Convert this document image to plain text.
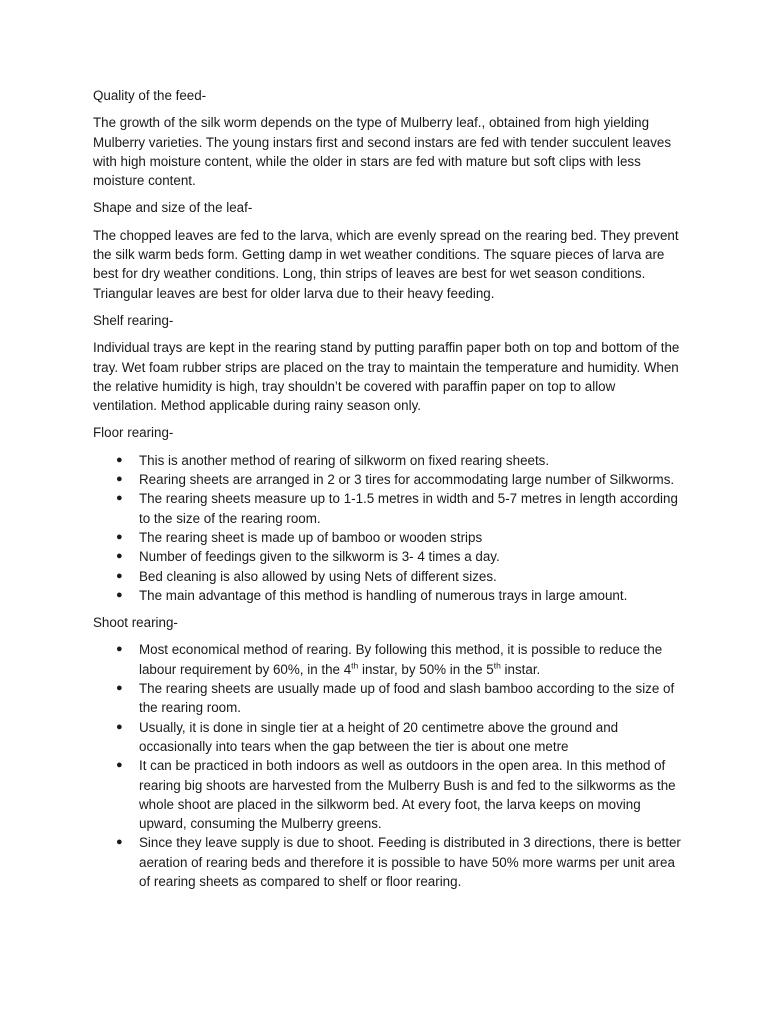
Quality of the feed-

The growth of the silk worm depends on the type of Mulberry leaf., obtained from high yielding Mulberry varieties. The young instars first and second instars are fed with tender succulent leaves with high moisture content, while the older in stars are fed with mature but soft clips with less moisture content.

Shape and size of the leaf-

The chopped leaves are fed to the larva, which are evenly spread on the rearing bed. They prevent the silk warm beds form. Getting damp in wet weather conditions. The square pieces of larva are best for dry weather conditions. Long, thin strips of leaves are best for wet season conditions. Triangular leaves are best for older larva due to their heavy feeding.

Shelf rearing-

Individual trays are kept in the rearing stand by putting paraffin paper both on top and bottom of the tray. Wet foam rubber strips are placed on the tray to maintain the temperature and humidity. When the relative humidity is high, tray shouldn’t be covered with paraffin paper on top to allow ventilation. Method applicable during rainy season only.

Floor rearing-

● This is another method of rearing of silkworm on fixed rearing sheets.
● Rearing sheets are arranged in 2 or 3 tires for accommodating large number of Silkworms.
● The rearing sheets measure up to 1-1.5 metres in width and 5-7 metres in length according to the size of the rearing room.
● The rearing sheet is made up of bamboo or wooden strips
● Number of feedings given to the silkworm is 3- 4 times a day.
● Bed cleaning is also allowed by using Nets of different sizes.
● The main advantage of this method is handling of numerous trays in large amount.

Shoot rearing-

● Most economical method of rearing. By following this method, it is possible to reduce the labour requirement by 60%, in the 4th instar, by 50% in the 5th instar.
● The rearing sheets are usually made up of food and slash bamboo according to the size of the rearing room.
● Usually, it is done in single tier at a height of 20 centimetre above the ground and occasionally into tears when the gap between the tier is about one metre
● It can be practiced in both indoors as well as outdoors in the open area. In this method of rearing big shoots are harvested from the Mulberry Bush is and fed to the silkworms as the whole shoot are placed in the silkworm bed. At every foot, the larva keeps on moving upward, consuming the Mulberry greens.
● Since they leave supply is due to shoot. Feeding is distributed in 3 directions, there is better aeration of rearing beds and therefore it is possible to have 50% more warms per unit area of rearing sheets as compared to shelf or floor rearing.
